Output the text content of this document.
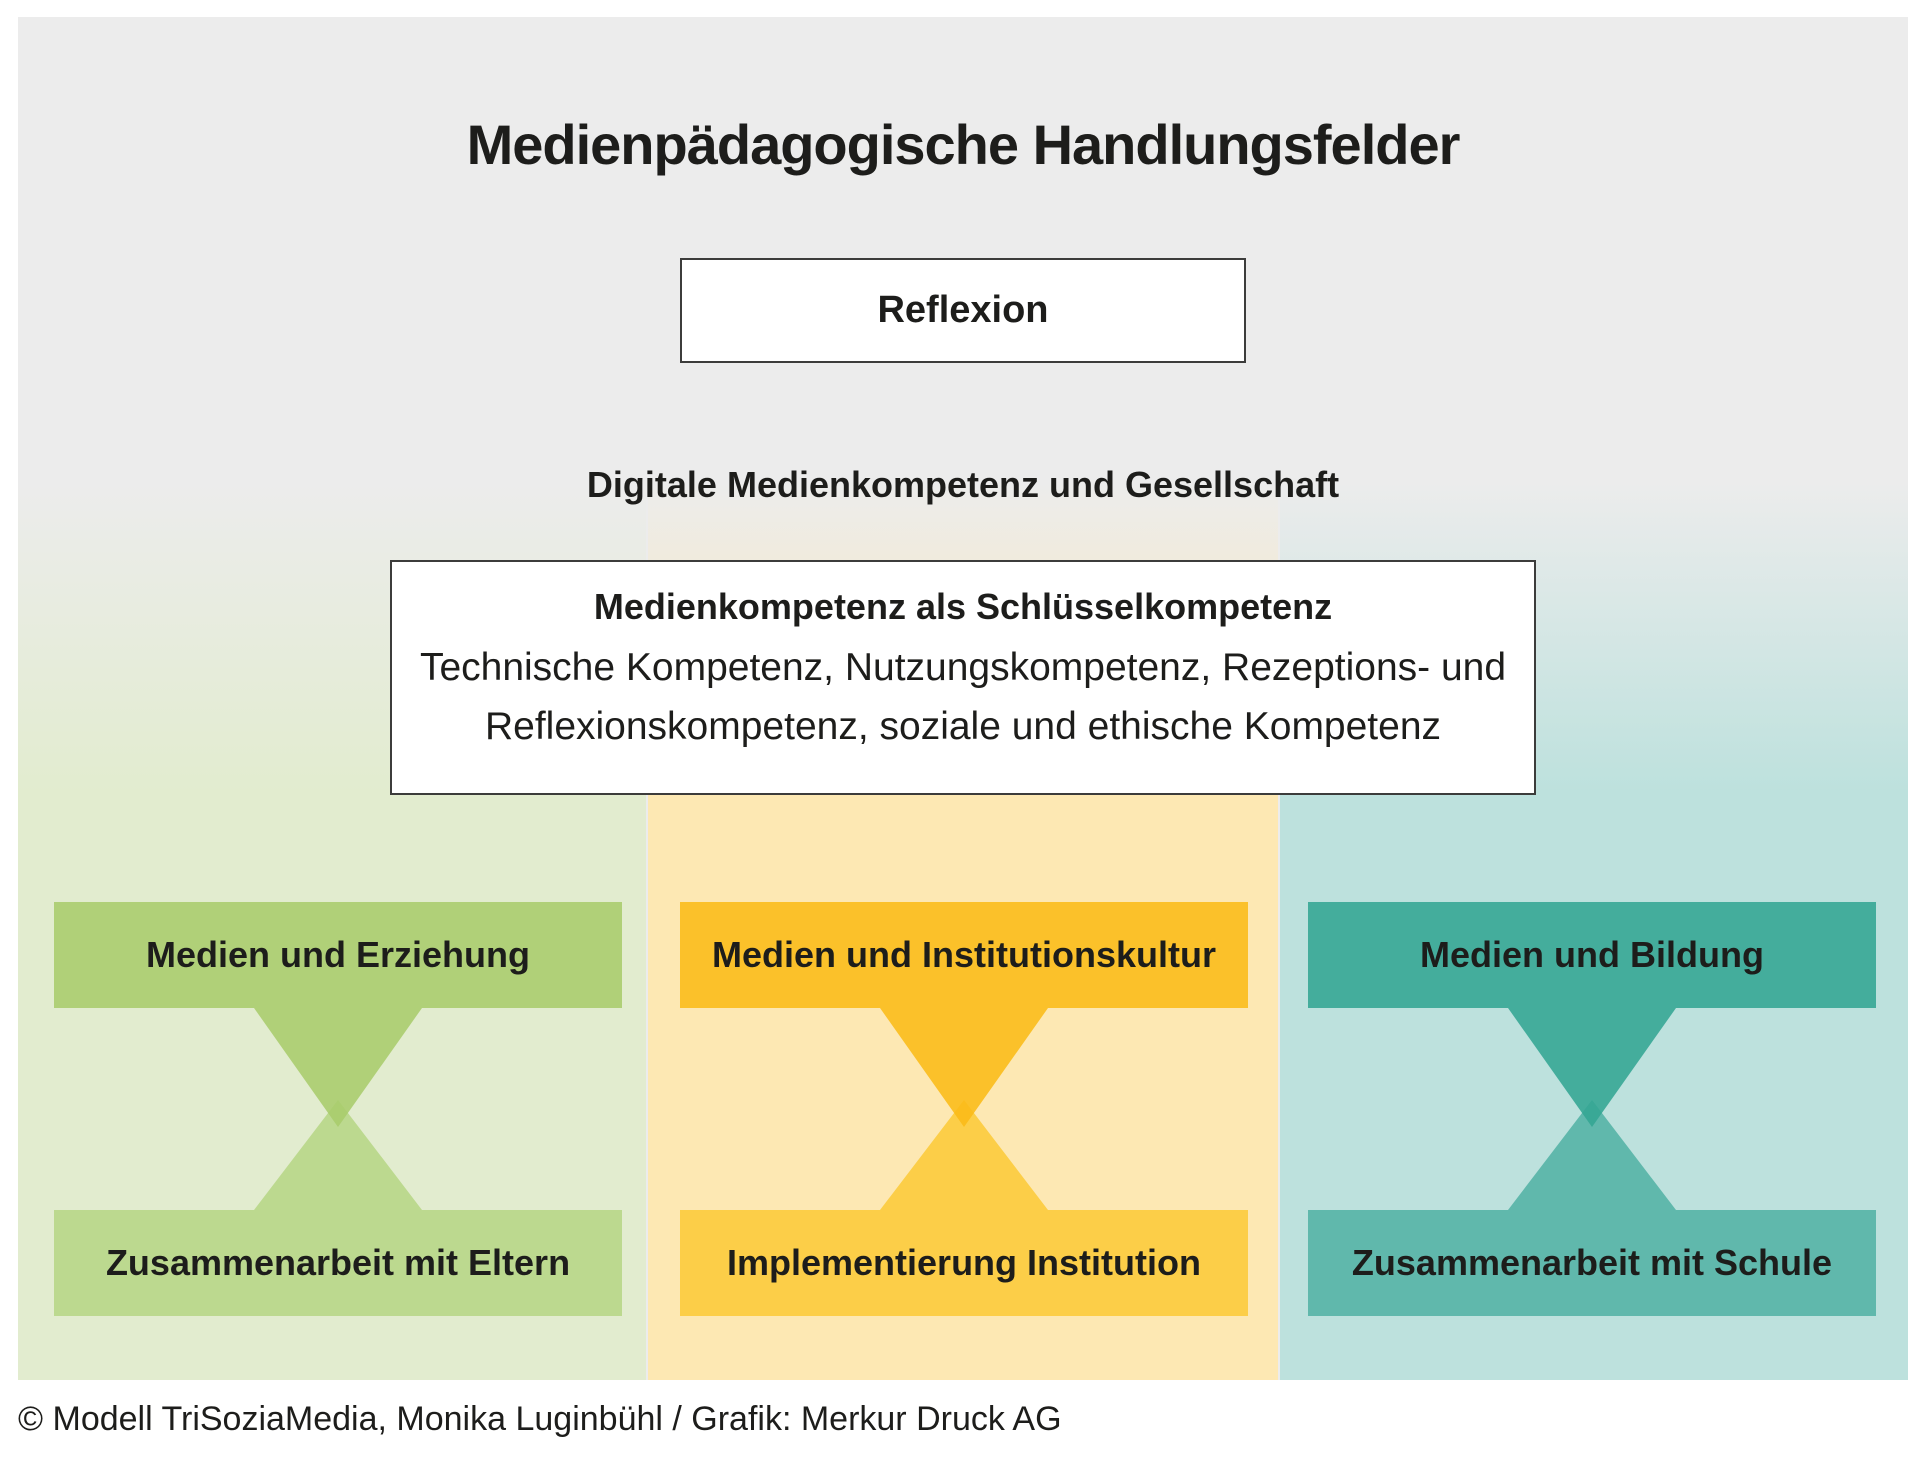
Medienpädagogische Handlungsfelder
Reflexion
Digitale Medienkompetenz und Gesellschaft

Medienkompetenz als Schlüsselkompetenz

Technische Kompetenz, Nutzungskompetenz, Rezeptions- und

Reflexionskompetenz, soziale und ethische Kompetenz

Medien und Erziehung
Zusammenarbeit mit Eltern
Medien und Institutionskultur
Implementierung Institution
Medien und Bildung
Zusammenarbeit mit Schule

© Modell TriSoziaMedia, Monika Luginbühl / Grafik: Merkur Druck AG
